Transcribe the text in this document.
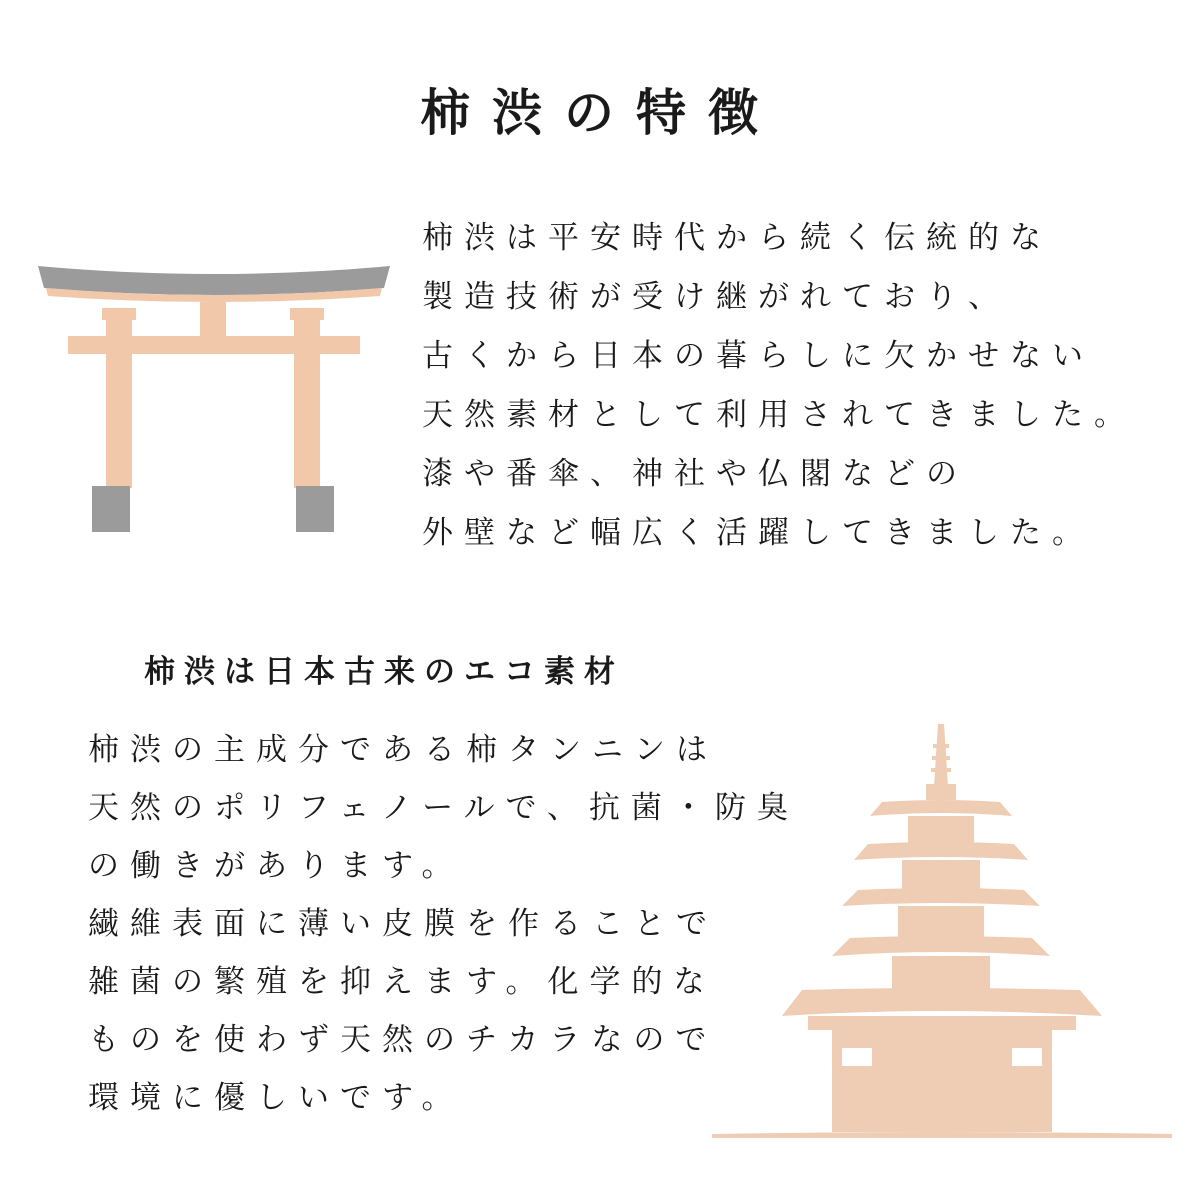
柿渋の特徴
柿渋は平安時代から続く伝統的な
製造技術が受け継がれており、
古くから日本の暮らしに欠かせない
天然素材として利用されてきました。
漆や番傘、神社や仏閣などの
外壁など幅広く活躍してきました。
柿渋は日本古来のエコ素材
柿渋の主成分である柿タンニンは
天然のポリフェノールで、抗菌・防臭
の働きがあります。
繊維表面に薄い皮膜を作ることで
雑菌の繁殖を抑えます。化学的な
ものを使わず天然のチカラなので
環境に優しいです。
